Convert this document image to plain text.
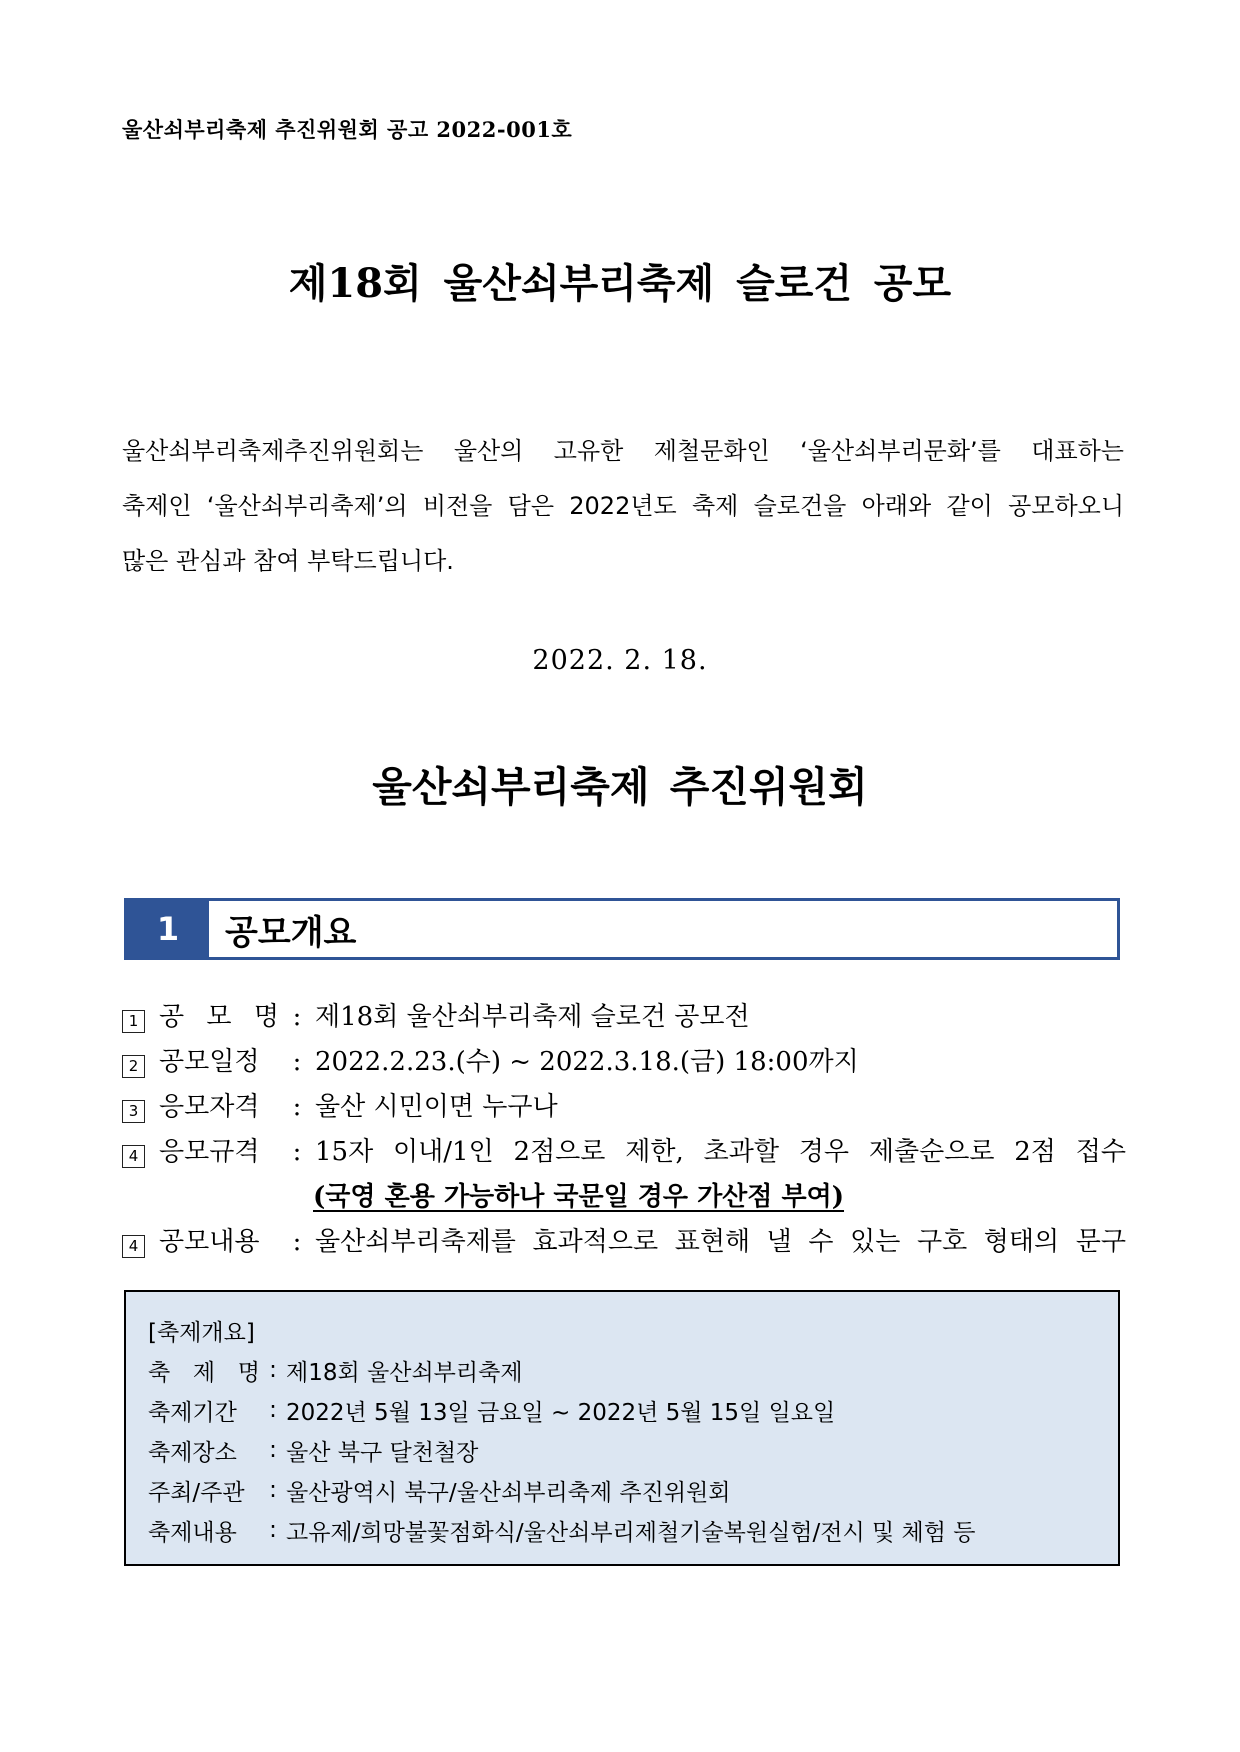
울산쇠부리축제 추진위원회 공고 2022-001호
제18회 울산쇠부리축제 슬로건 공모
울산쇠부리축제추진위원회는 울산의 고유한 제철문화인 ‘울산쇠부리문화’를 대표하는
축제인 ‘울산쇠부리축제’의 비전을 담은 2022년도 축제 슬로건을 아래와 같이 공모하오니
많은 관심과 참여 부탁드립니다.
2022. 2. 18.
울산쇠부리축제 추진위원회
1	공모개요
1 공 모 명 : 제18회 울산쇠부리축제 슬로건 공모전
2 공모일정	: 2022.2.23.(수) ~ 2022.3.18.(금) 18:00까지
3 응모자격	: 울산 시민이면 누구나
4 응모규격	: 15자 이내/1인 2점으로 제한, 초과할 경우 제출순으로 2점 접수
(국영 혼용 가능하나 국문일 경우 가산점 부여)
4 공모내용	: 울산쇠부리축제를 효과적으로 표현해 낼 수 있는 구호 형태의 문구
[축제개요]
축 제 명 : 제18회 울산쇠부리축제
축제기간	: 2022년 5월 13일 금요일 ~ 2022년 5월 15일 일요일
축제장소	: 울산 북구 달천철장
주최/주관	: 울산광역시 북구/울산쇠부리축제 추진위원회
축제내용	: 고유제/희망불꽃점화식/울산쇠부리제철기술복원실험/전시 및 체험 등
